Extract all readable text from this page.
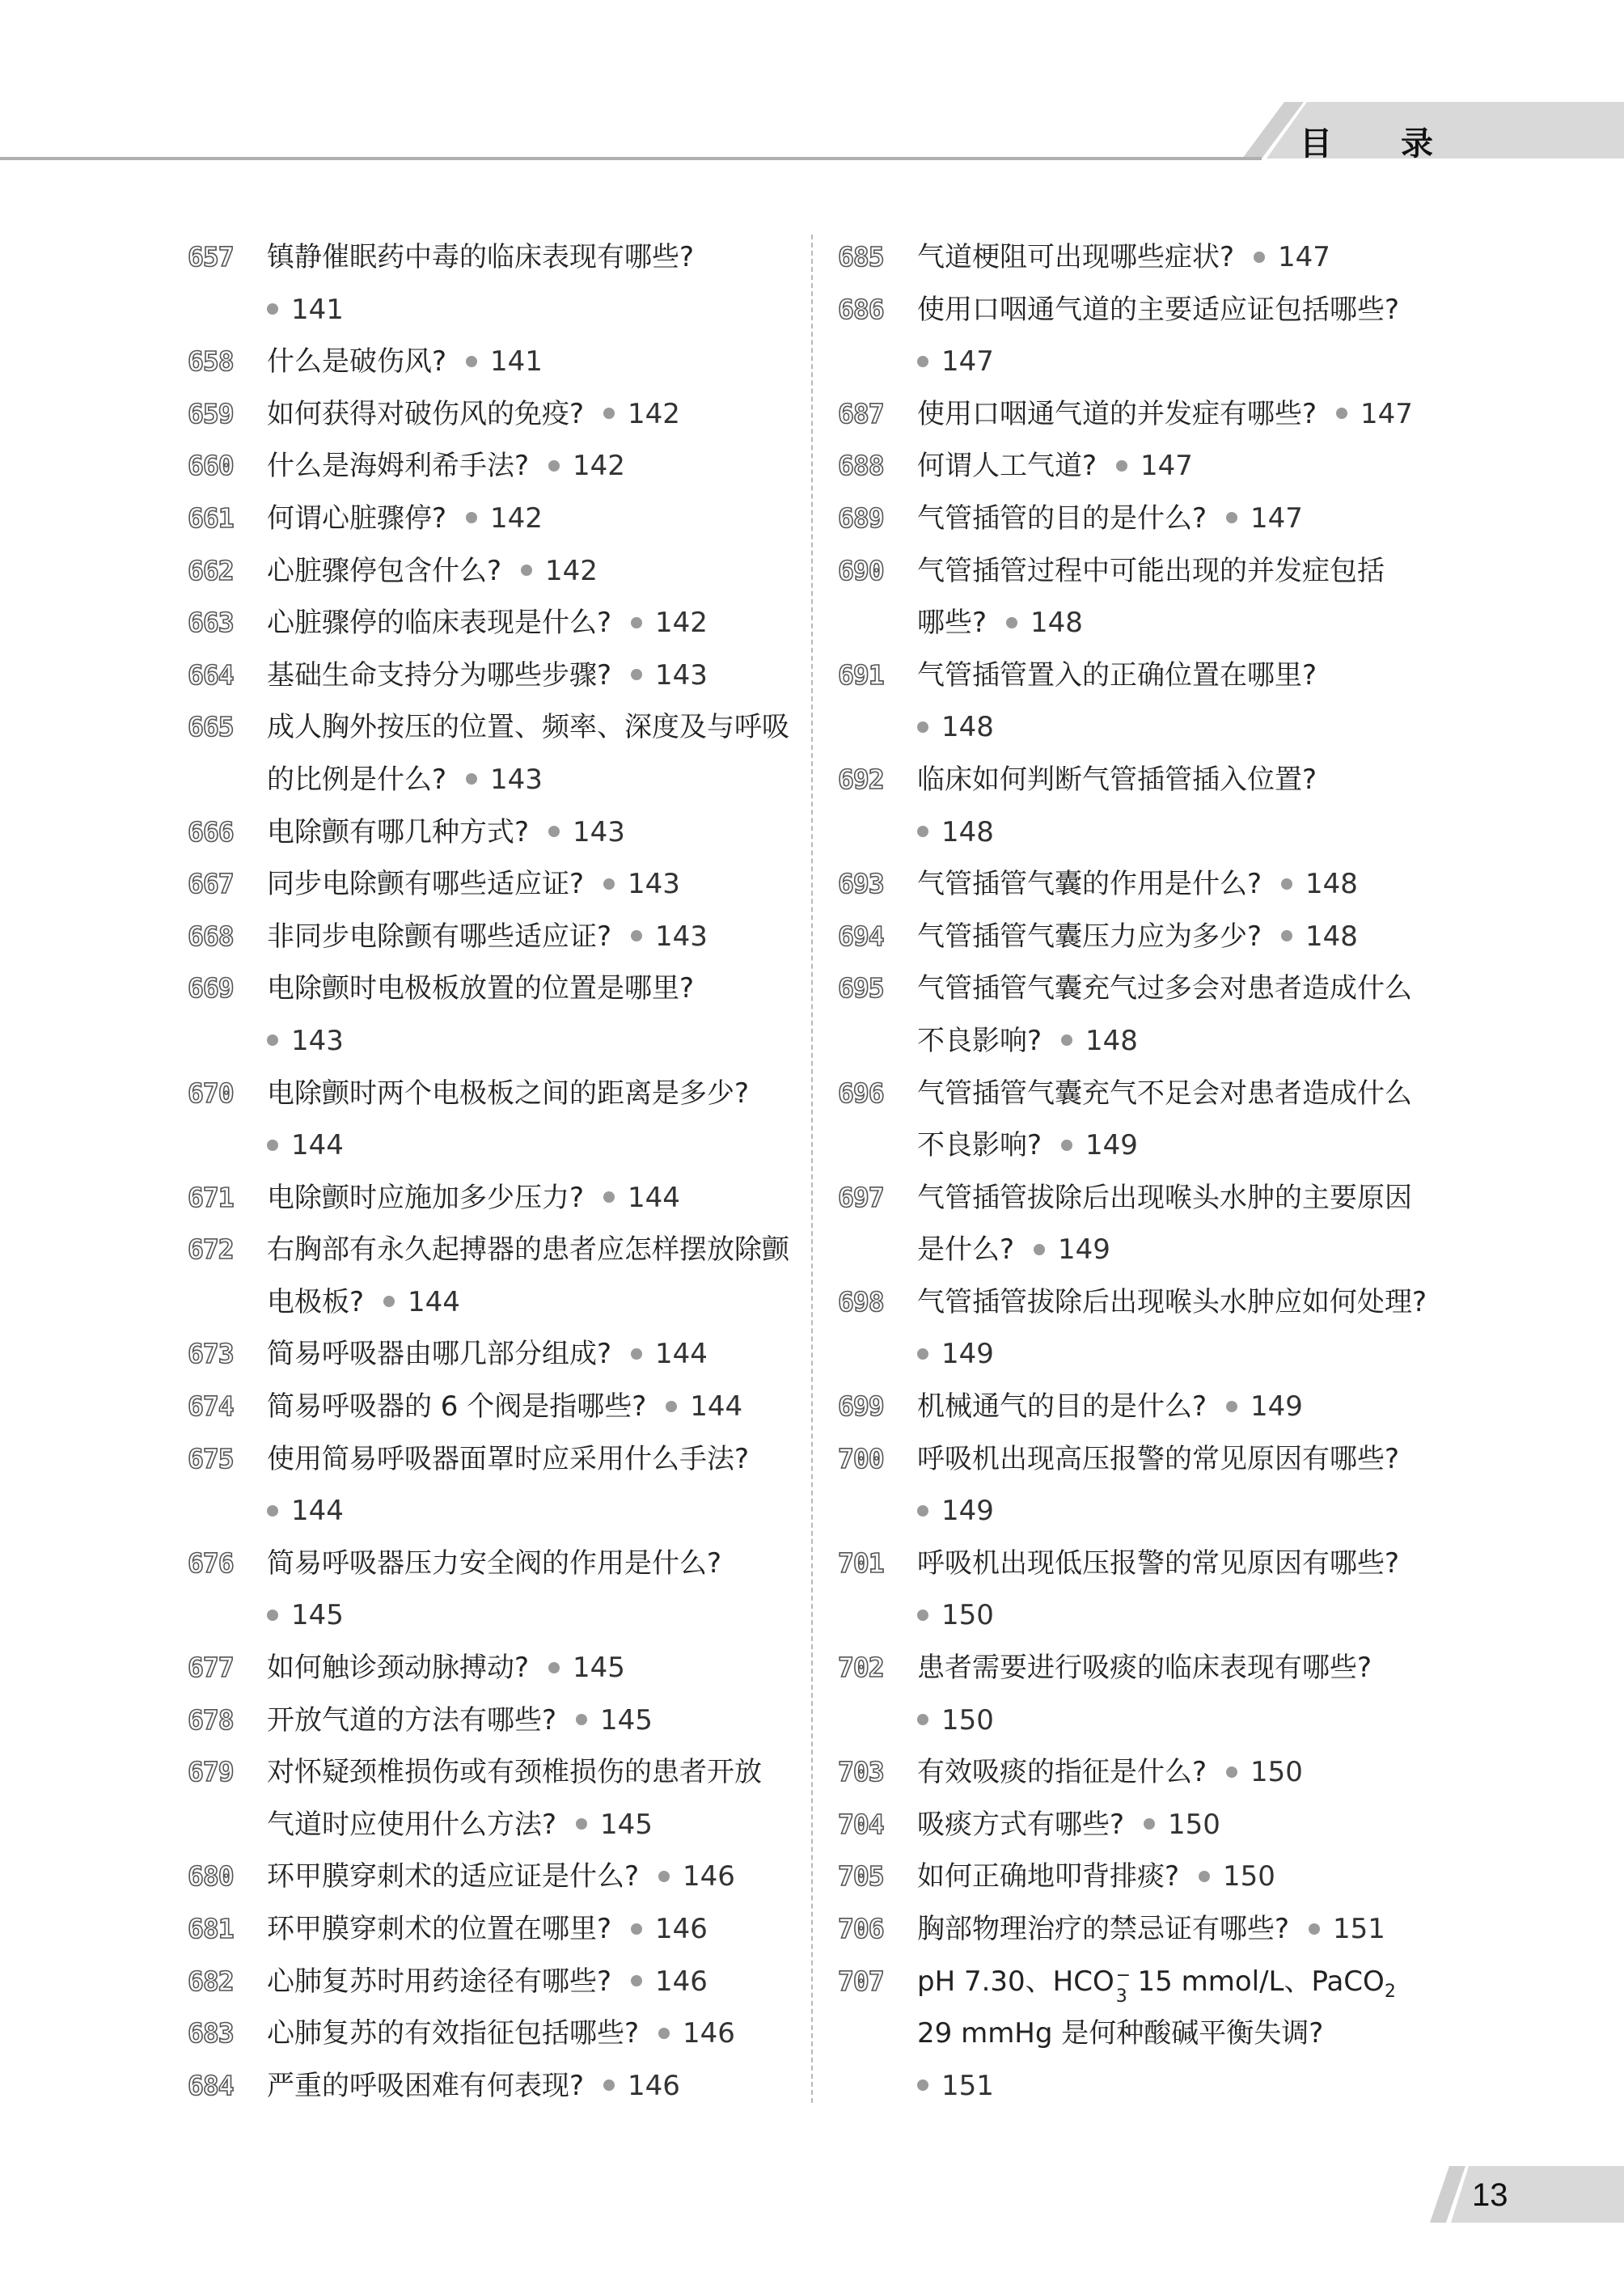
目 录
657	镇静催眠药中毒的临床表现有哪些?
141
658	什么是破伤风? 141
659	如何获得对破伤风的免疫? 142
660	什么是海姆利希手法? 142
661	何谓心脏骤停? 142
662	心脏骤停包含什么? 142
663	心脏骤停的临床表现是什么? 142
664	基础生命支持分为哪些步骤? 143
665	成人胸外按压的位置、频率、深度及与呼吸
的比例是什么? 143
666	电除颤有哪几种方式? 143
667	同步电除颤有哪些适应证? 143
668	非同步电除颤有哪些适应证? 143
669	电除颤时电极板放置的位置是哪里?
143
670	电除颤时两个电极板之间的距离是多少?
144
671	电除颤时应施加多少压力? 144
672	右胸部有永久起搏器的患者应怎样摆放除颤
电极板? 144
673	简易呼吸器由哪几部分组成? 144
674	简易呼吸器的 6 个阀是指哪些? 144
675	使用简易呼吸器面罩时应采用什么手法?
144
676	简易呼吸器压力安全阀的作用是什么?
145
677	如何触诊颈动脉搏动? 145
678	开放气道的方法有哪些? 145
679	对怀疑颈椎损伤或有颈椎损伤的患者开放
气道时应使用什么方法? 145
680	环甲膜穿刺术的适应证是什么? 146
681	环甲膜穿刺术的位置在哪里? 146
682	心肺复苏时用药途径有哪些? 146
683	心肺复苏的有效指征包括哪些? 146
684	严重的呼吸困难有何表现? 146
685	气道梗阻可出现哪些症状? 147
686	使用口咽通气道的主要适应证包括哪些?
147
687	使用口咽通气道的并发症有哪些? 147
688	何谓人工气道? 147
689	气管插管的目的是什么? 147
690	气管插管过程中可能出现的并发症包括
哪些? 148
691	气管插管置入的正确位置在哪里?
148
692	临床如何判断气管插管插入位置?
148
693	气管插管气囊的作用是什么? 148
694	气管插管气囊压力应为多少? 148
695	气管插管气囊充气过多会对患者造成什么
不良影响? 148
696	气管插管气囊充气不足会对患者造成什么
不良影响? 149
697	气管插管拔除后出现喉头水肿的主要原因
是什么? 149
698	气管插管拔除后出现喉头水肿应如何处理?
149
699	机械通气的目的是什么? 149
700	呼吸机出现高压报警的常见原因有哪些?
149
701	呼吸机出现低压报警的常见原因有哪些?
150
702	患者需要进行吸痰的临床表现有哪些?
150
703	有效吸痰的指征是什么? 150
704	吸痰方式有哪些? 150
705	如何正确地叩背排痰? 150
706	胸部物理治疗的禁忌证有哪些? 151
707	pH 7.30、HCO −
3 15 mmol/L、PaCO$_2$
29 mmHg 是何种酸碱平衡失调?
151
13
